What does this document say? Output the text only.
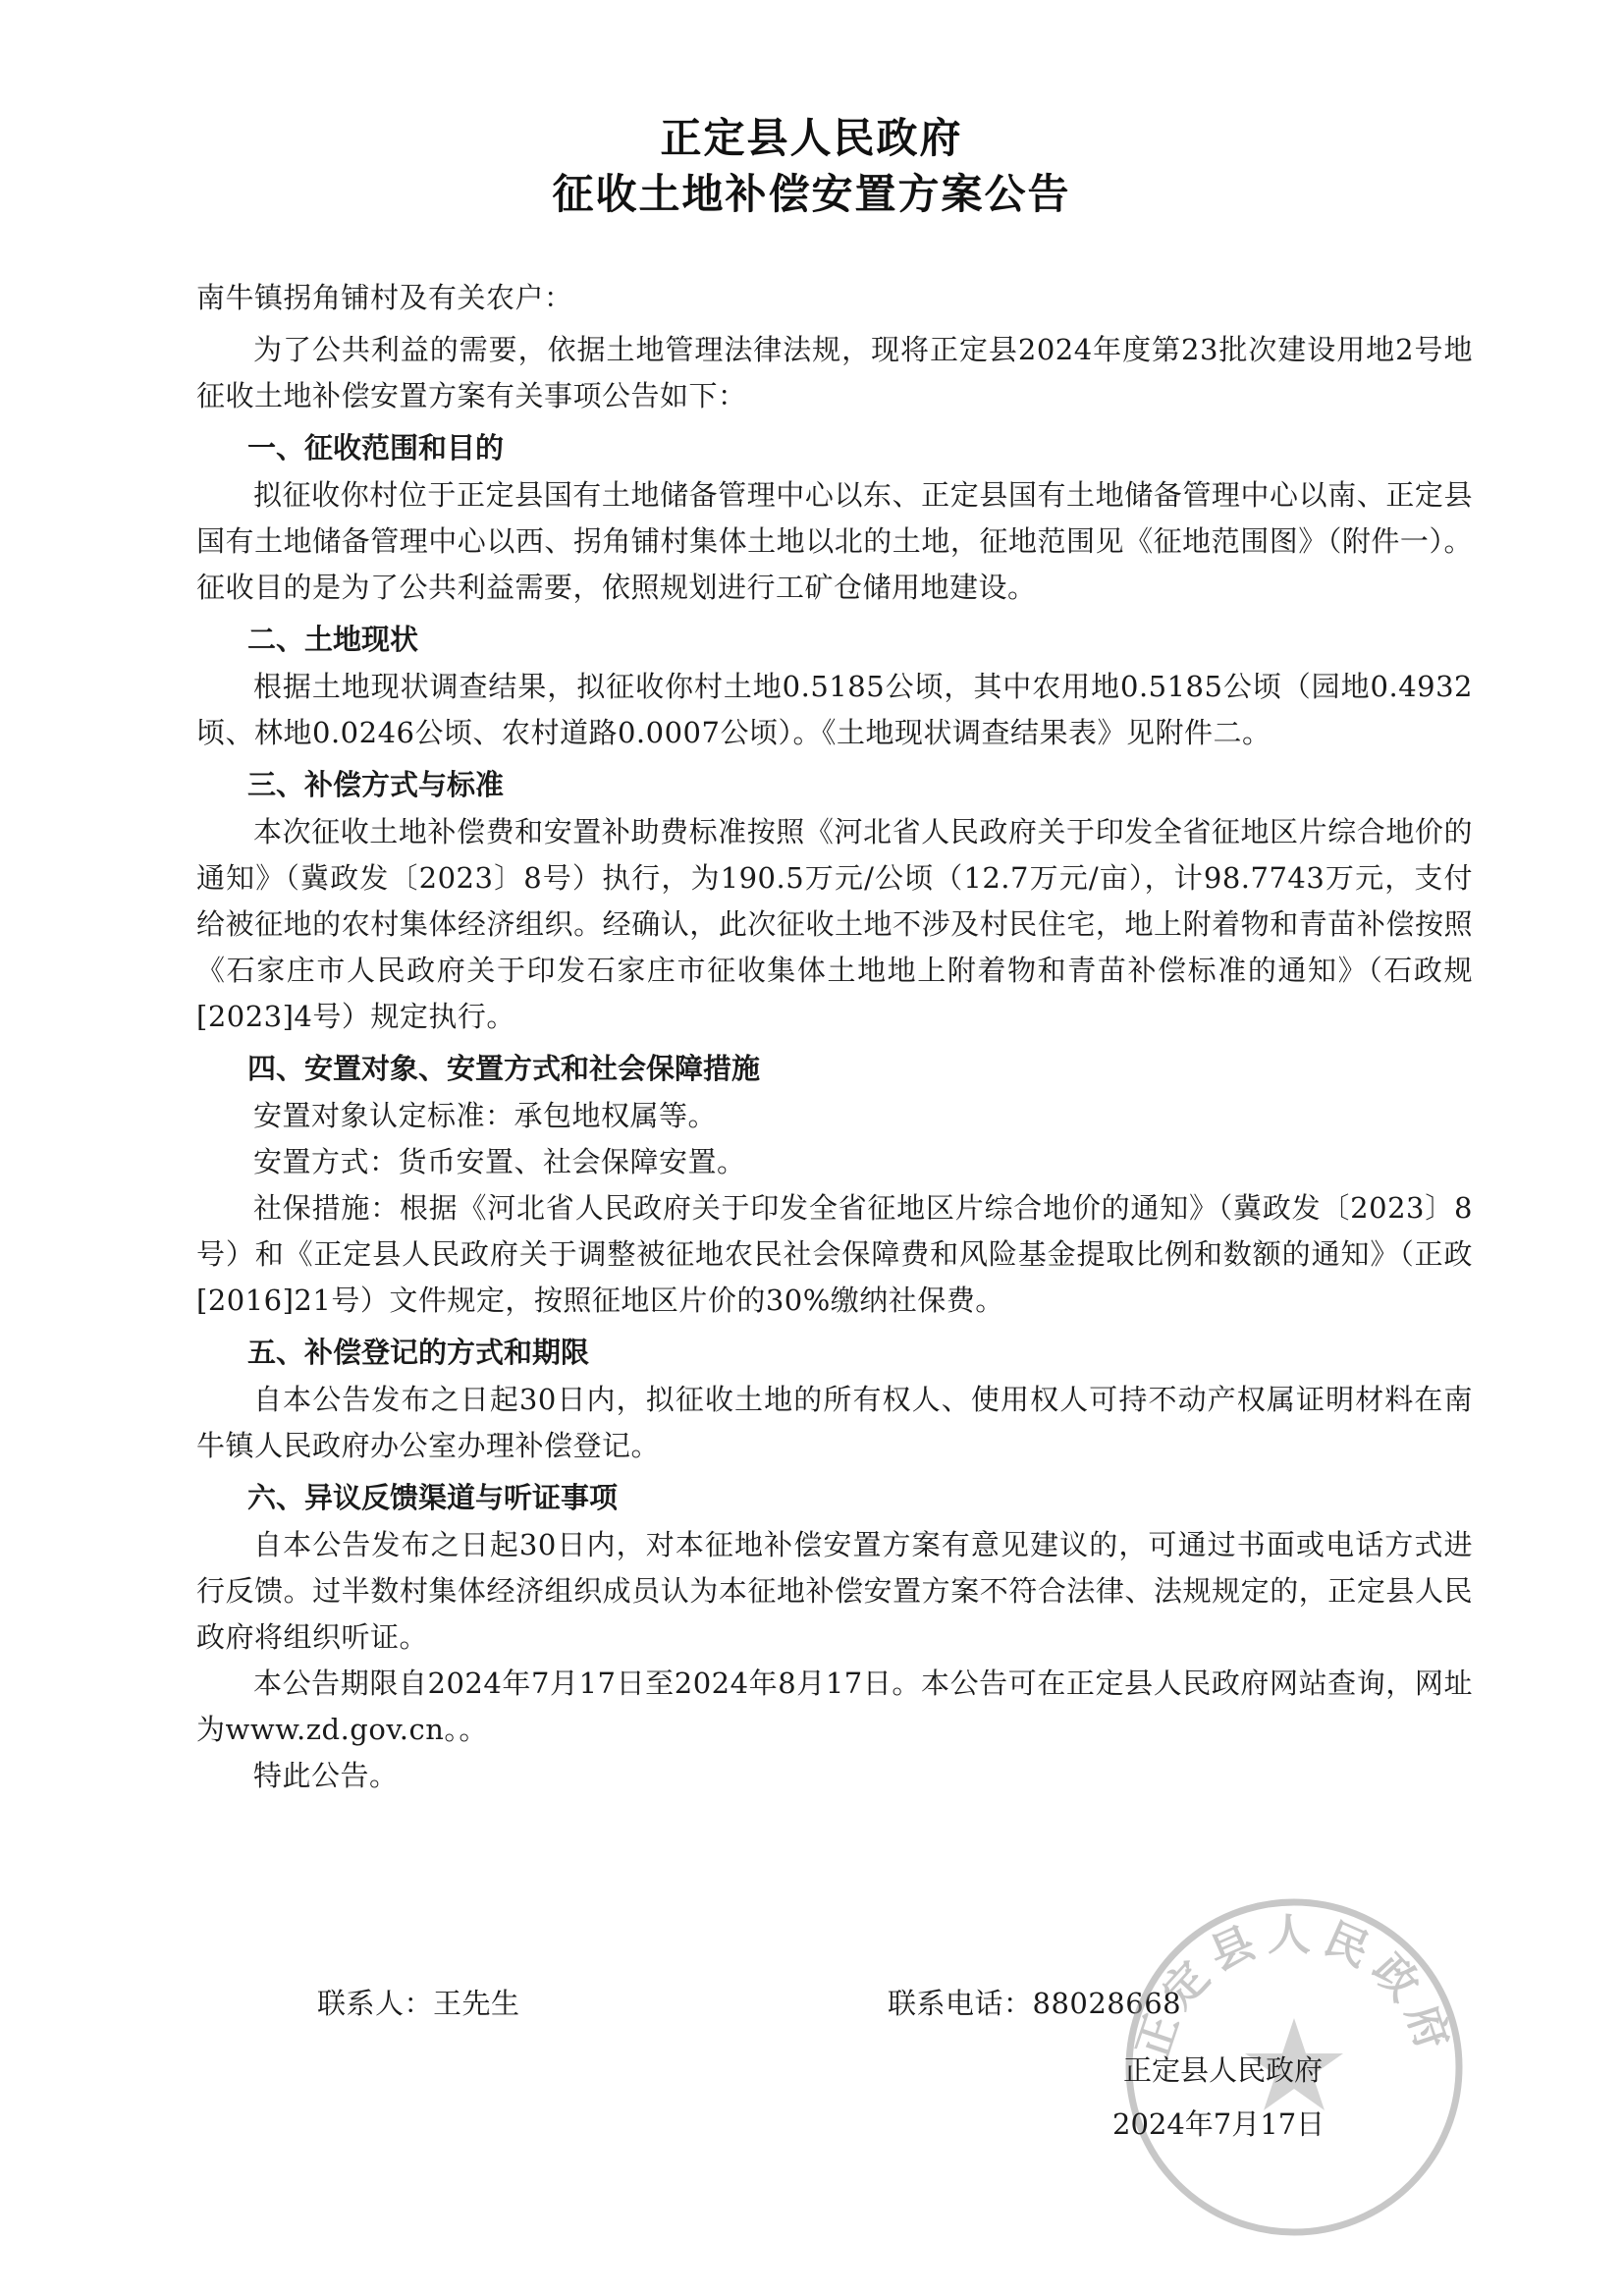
正定县人民政府
征收土地补偿安置方案公告

南牛镇拐角铺村及有关农户：

为了公共利益的需要，依据土地管理法律法规，现将正定县2024年度第23批次建设用地2号地征收土地补偿安置方案有关事项公告如下：

一、征收范围和目的

拟征收你村位于正定县国有土地储备管理中心以东、正定县国有土地储备管理中心以南、正定县国有土地储备管理中心以西、拐角铺村集体土地以北的土地，征地范围见《征地范围图》（附件一）。征收目的是为了公共利益需要，依照规划进行工矿仓储用地建设。

二、土地现状

根据土地现状调查结果，拟征收你村土地0.5185公顷，其中农用地0.5185公顷（园地0.4932顷、林地0.0246公顷、农村道路0.0007公顷）。《土地现状调查结果表》见附件二。

三、补偿方式与标准

本次征收土地补偿费和安置补助费标准按照《河北省人民政府关于印发全省征地区片综合地价的通知》（冀政发〔2023〕8号）执行，为190.5万元/公顷（12.7万元/亩），计98.7743万元，支付给被征地的农村集体经济组织。经确认，此次征收土地不涉及村民住宅，地上附着物和青苗补偿按照《石家庄市人民政府关于印发石家庄市征收集体土地地上附着物和青苗补偿标准的通知》（石政规[2023]4号）规定执行。

四、安置对象、安置方式和社会保障措施

安置对象认定标准：承包地权属等。

安置方式：货币安置、社会保障安置。

社保措施：根据《河北省人民政府关于印发全省征地区片综合地价的通知》（冀政发〔2023〕8号）和《正定县人民政府关于调整被征地农民社会保障费和风险基金提取比例和数额的通知》（正政[2016]21号）文件规定，按照征地区片价的30%缴纳社保费。

五、补偿登记的方式和期限

自本公告发布之日起30日内，拟征收土地的所有权人、使用权人可持不动产权属证明材料在南牛镇人民政府办公室办理补偿登记。

六、异议反馈渠道与听证事项

自本公告发布之日起30日内，对本征地补偿安置方案有意见建议的，可通过书面或电话方式进行反馈。过半数村集体经济组织成员认为本征地补偿安置方案不符合法律、法规规定的，正定县人民政府将组织听证。

本公告期限自2024年7月17日至2024年8月17日。本公告可在正定县人民政府网站查询，网址为www.zd.gov.cn。。

特此公告。

联系人：王先生	联系电话：88028668
正定县人民政府
正定县人民政府
2024年7月17日
